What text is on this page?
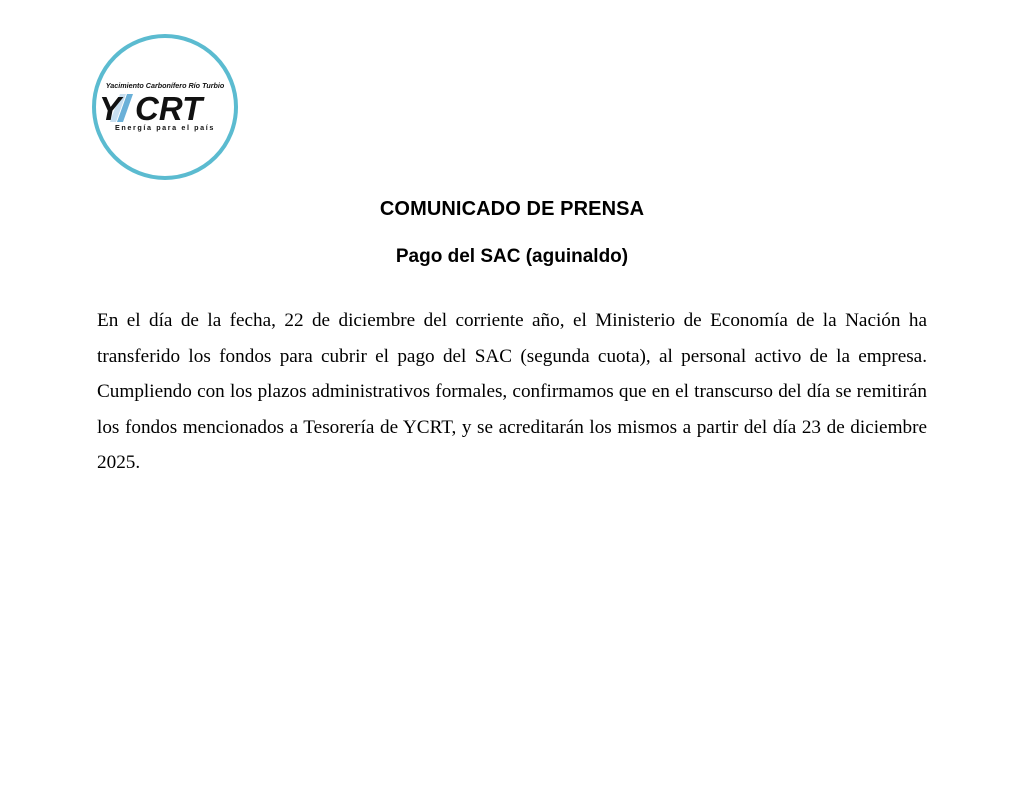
Yacimiento Carbonífero Río Turbio
Y CRT
Energía para el país
COMUNICADO DE PRENSA
Pago del SAC (aguinaldo)

En el día de la fecha, 22 de diciembre del corriente año, el Ministerio de Economía de la Nación ha transferido los fondos para cubrir el pago del SAC (segunda cuota), al personal activo de la empresa. Cumpliendo con los plazos administrativos formales, confirmamos que en el transcurso del día se remitirán los fondos mencionados a Tesorería de YCRT, y se acreditarán los mismos a partir del día 23 de diciembre 2025.
